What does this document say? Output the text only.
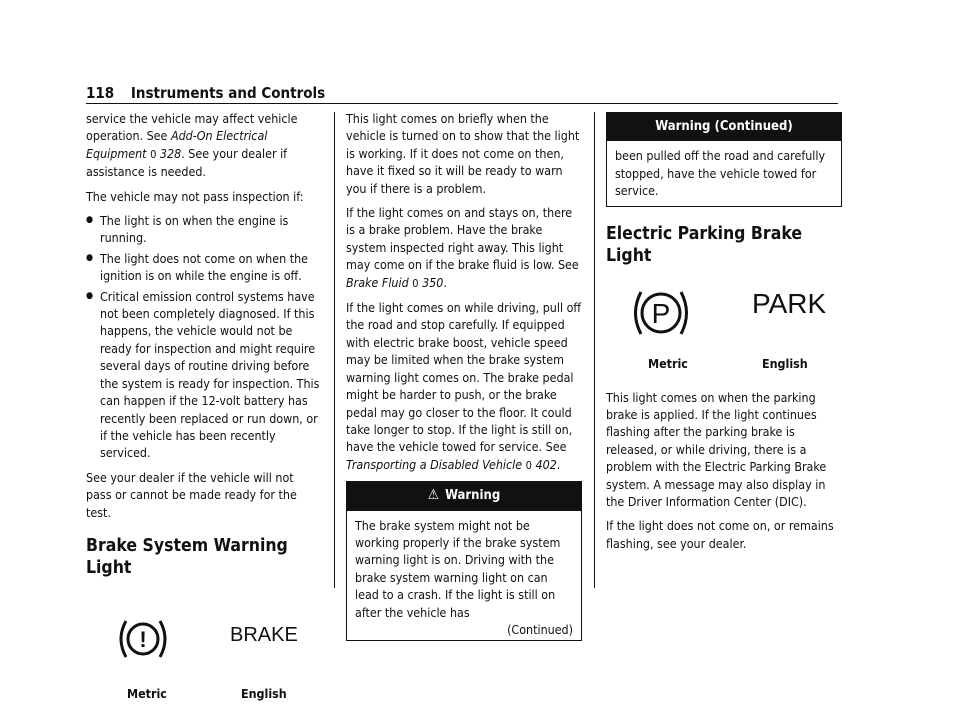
118 Instruments and Controls

service the vehicle may affect vehicle operation. See Add-On Electrical Equipment 0 328. See your dealer if assistance is needed.

The vehicle may not pass inspection if:

● The light is on when the engine is running.
● The light does not come on when the ignition is on while the engine is off.
● Critical emission control systems have not been completely diagnosed. If this happens, the vehicle would not be ready for inspection and might require several days of routine driving before the system is ready for inspection. This can happen if the 12-volt battery has recently been replaced or run down, or if the vehicle has been recently serviced.

See your dealer if the vehicle will not pass or cannot be made ready for the test.

Brake System Warning Light
!	BRAKE
Metric	English

This light comes on briefly when the vehicle is turned on to show that the light is working. If it does not come on then, have it fixed so it will be ready to warn you if there is a problem.

If the light comes on and stays on, there is a brake problem. Have the brake system inspected right away. This light may come on if the brake fluid is low. See Brake Fluid 0 350.

If the light comes on while driving, pull off the road and stop carefully. If equipped with electric brake boost, vehicle speed may be limited when the brake system warning light comes on. The brake pedal might be harder to push, or the brake pedal may go closer to the floor. It could take longer to stop. If the light is still on, have the vehicle towed for service. See Transporting a Disabled Vehicle 0 402.

⚠ Warning
The brake system might not be working properly if the brake system warning light is on. Driving with the brake system warning light on can lead to a crash. If the light is still on after the vehicle has
(Continued)
Warning (Continued)
been pulled off the road and carefully stopped, have the vehicle towed for service.
Electric Parking Brake Light
P	PARK
Metric	English

This light comes on when the parking brake is applied. If the light continues flashing after the parking brake is released, or while driving, there is a problem with the Electric Parking Brake system. A message may also display in the Driver Information Center (DIC).

If the light does not come on, or remains flashing, see your dealer.
